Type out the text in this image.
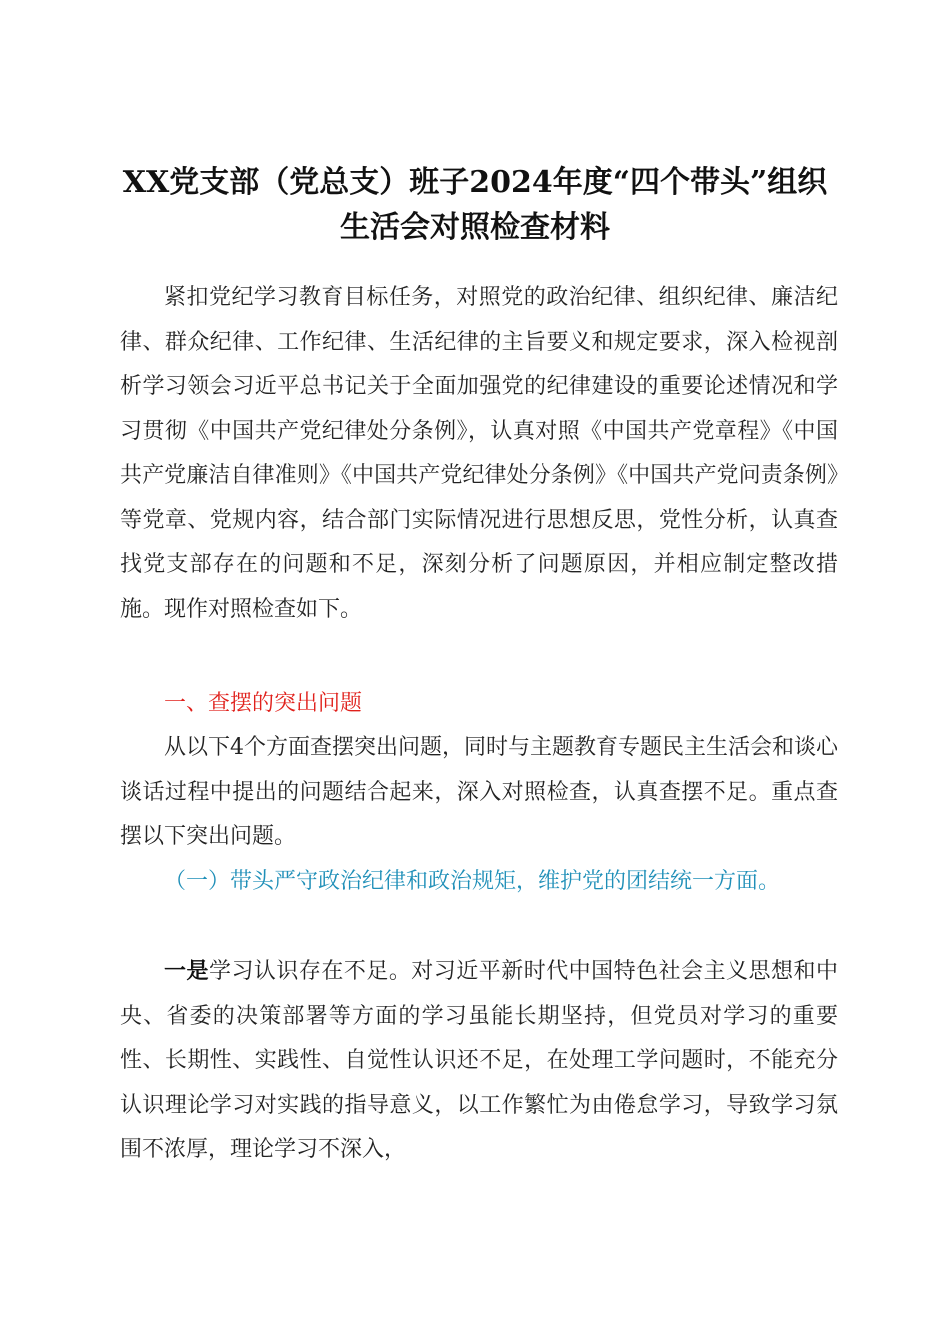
XX党支部（党总支）班子2024年度“四个带头”组织生活会对照检查材料

紧扣党纪学习教育目标任务，对照党的政治纪律、组织纪律、廉洁纪律、群众纪律、工作纪律、生活纪律的主旨要义和规定要求，深入检视剖析学习领会习近平总书记关于全面加强党的纪律建设的重要论述情况和学习贯彻《中国共产党纪律处分条例》，认真对照《中国共产党章程》《中国共产党廉洁自律准则》《中国共产党纪律处分条例》《中国共产党问责条例》等党章、党规内容，结合部门实际情况进行思想反思，党性分析，认真查找党支部存在的问题和不足，深刻分析了问题原因，并相应制定整改措施。现作对照检查如下。

一、查摆的突出问题

从以下4个方面查摆突出问题，同时与主题教育专题民主生活会和谈心谈话过程中提出的问题结合起来，深入对照检查，认真查摆不足。重点查摆以下突出问题。

（一）带头严守政治纪律和政治规矩，维护党的团结统一方面。

一是学习认识存在不足。对习近平新时代中国特色社会主义思想和中央、省委的决策部署等方面的学习虽能长期坚持，但党员对学习的重要性、长期性、实践性、自觉性认识还不足，在处理工学问题时，不能充分认识理论学习对实践的指导意义，以工作繁忙为由倦怠学习，导致学习氛围不浓厚，理论学习不深入，
